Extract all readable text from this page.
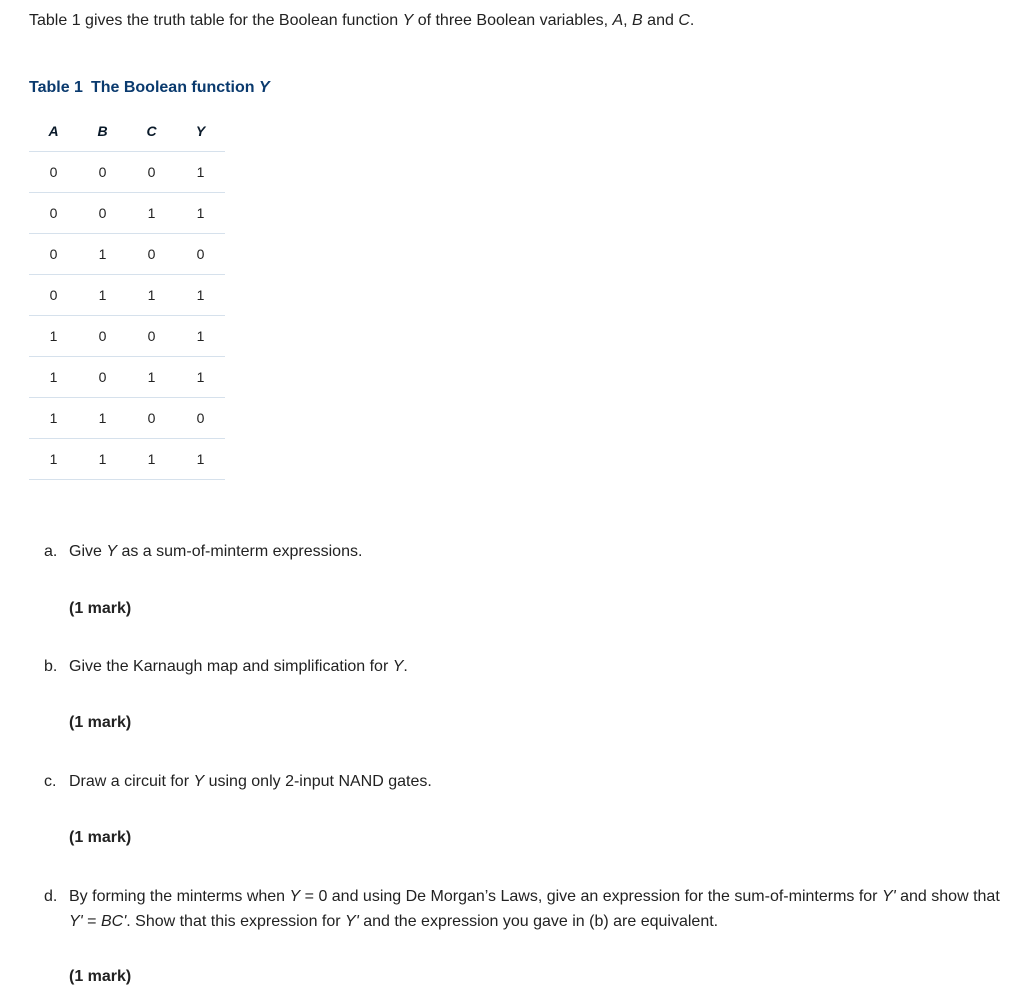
Table 1 gives the truth table for the Boolean function Y of three Boolean variables, A, B and C.

Table 1 The Boolean function Y

A	B	C	Y
0	0	0	1
0	0	1	1
0	1	0	0
0	1	1	1
1	0	0	1
1	0	1	1
1	1	0	0
1	1	1	1
a. Give Y as a sum-of-minterm expressions.
(1 mark)
b. Give the Karnaugh map and simplification for Y.
(1 mark)
c. Draw a circuit for Y using only 2-input NAND gates.
(1 mark)
d. By forming the minterms when Y = 0 and using De Morgan’s Laws, give an expression for the sum-of-minterms for Y' and show that Y' = BC'. Show that this expression for Y' and the expression you gave in (b) are equivalent.
(1 mark)
